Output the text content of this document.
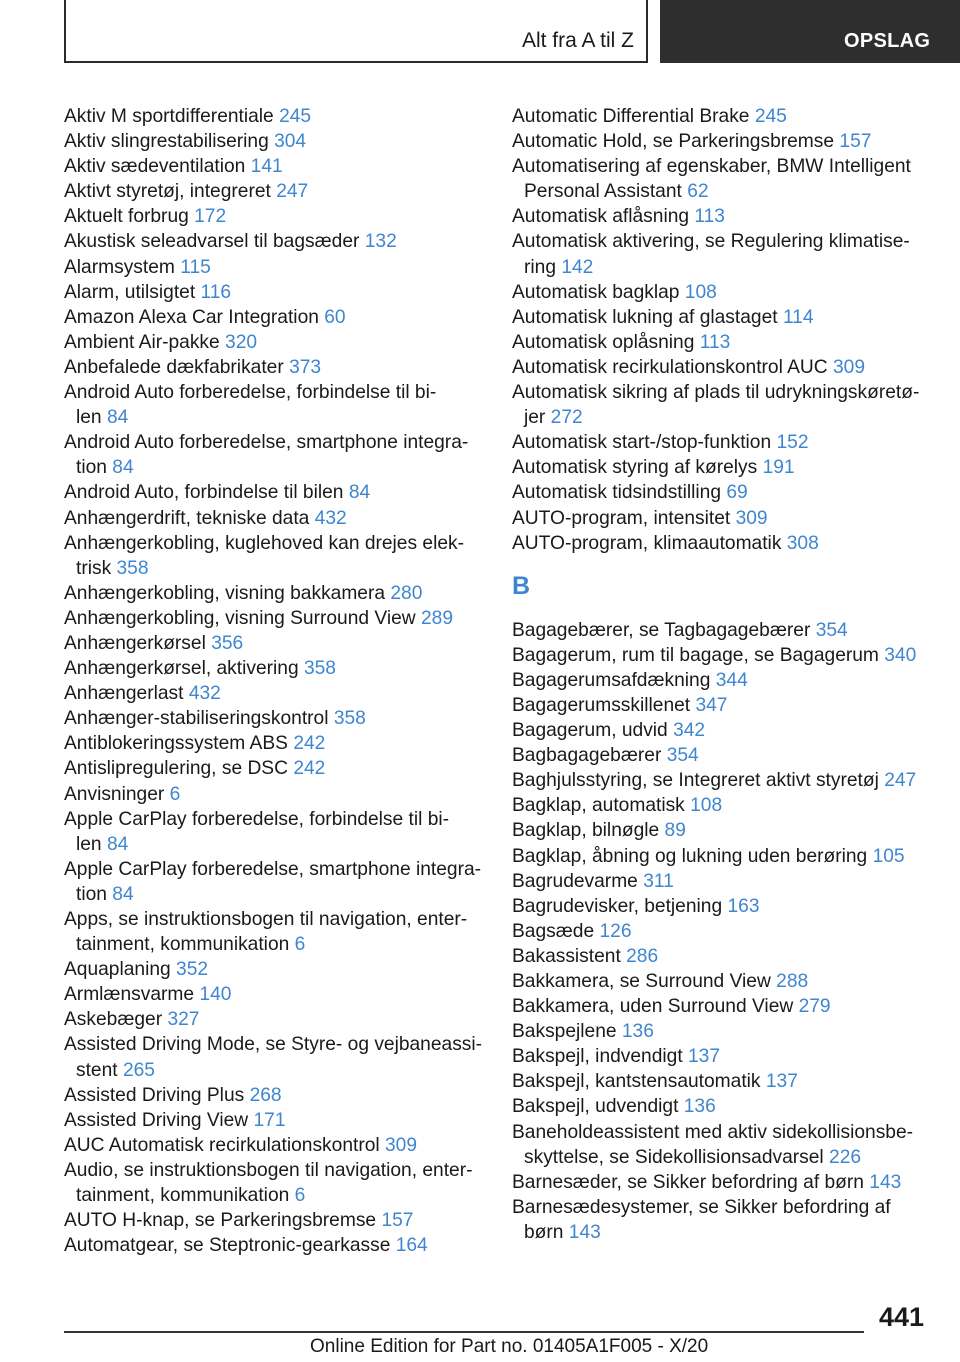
Alt fra A til Z	OPSLAG

Aktiv M sportdifferentiale 245

Aktiv slingrestabilisering 304

Aktiv sædeventilation 141

Aktivt styretøj, integreret 247

Aktuelt forbrug 172

Akustisk seleadvarsel til bagsæder 132

Alarmsystem 115

Alarm, utilsigtet 116

Amazon Alexa Car Integration 60

Ambient Air-pakke 320

Anbefalede dækfabrikater 373

Android Auto forberedelse, forbindelse til bi-
len 84

Android Auto forberedelse, smartphone integra-
tion 84

Android Auto, forbindelse til bilen 84

Anhængerdrift, tekniske data 432

Anhængerkobling, kuglehoved kan drejes elek-
trisk 358

Anhængerkobling, visning bakkamera 280

Anhængerkobling, visning Surround View 289

Anhængerkørsel 356

Anhængerkørsel, aktivering 358

Anhængerlast 432

Anhænger-stabiliseringskontrol 358

Antiblokeringssystem ABS 242

Antislipregulering, se DSC 242

Anvisninger 6

Apple CarPlay forberedelse, forbindelse til bi-
len 84

Apple CarPlay forberedelse, smartphone integra-
tion 84

Apps, se instruktionsbogen til navigation, enter-
tainment, kommunikation 6

Aquaplaning 352

Armlænsvarme 140

Askebæger 327

Assisted Driving Mode, se Styre- og vejbaneassi-
stent 265

Assisted Driving Plus 268

Assisted Driving View 171

AUC Automatisk recirkulationskontrol 309

Audio, se instruktionsbogen til navigation, enter-
tainment, kommunikation 6

AUTO H-knap, se Parkeringsbremse 157

Automatgear, se Steptronic-gearkasse 164

Automatic Differential Brake 245

Automatic Hold, se Parkeringsbremse 157

Automatisering af egenskaber, BMW Intelligent
Personal Assistant 62

Automatisk aflåsning 113

Automatisk aktivering, se Regulering klimatise-
ring 142

Automatisk bagklap 108

Automatisk lukning af glastaget 114

Automatisk oplåsning 113

Automatisk recirkulationskontrol AUC 309

Automatisk sikring af plads til udrykningskøretø-
jer 272

Automatisk start-/stop-funktion 152

Automatisk styring af kørelys 191

Automatisk tidsindstilling 69

AUTO-program, intensitet 309

AUTO-program, klimaautomatik 308

B

Bagagebærer, se Tagbagagebærer 354

Bagagerum, rum til bagage, se Bagagerum 340

Bagagerumsafdækning 344

Bagagerumsskillenet 347

Bagagerum, udvid 342

Bagbagagebærer 354

Baghjulsstyring, se Integreret aktivt styretøj 247

Bagklap, automatisk 108

Bagklap, bilnøgle 89

Bagklap, åbning og lukning uden berøring 105

Bagrudevarme 311

Bagrudevisker, betjening 163

Bagsæde 126

Bakassistent 286

Bakkamera, se Surround View 288

Bakkamera, uden Surround View 279

Bakspejlene 136

Bakspejl, indvendigt 137

Bakspejl, kantstensautomatik 137

Bakspejl, udvendigt 136

Baneholdeassistent med aktiv sidekollisionsbe-
skyttelse, se Sidekollisionsadvarsel 226

Barnesæder, se Sikker befordring af børn 143

Barnesædesystemer, se Sikker befordring af
børn 143

441
Online Edition for Part no. 01405A1F005 - X/20
